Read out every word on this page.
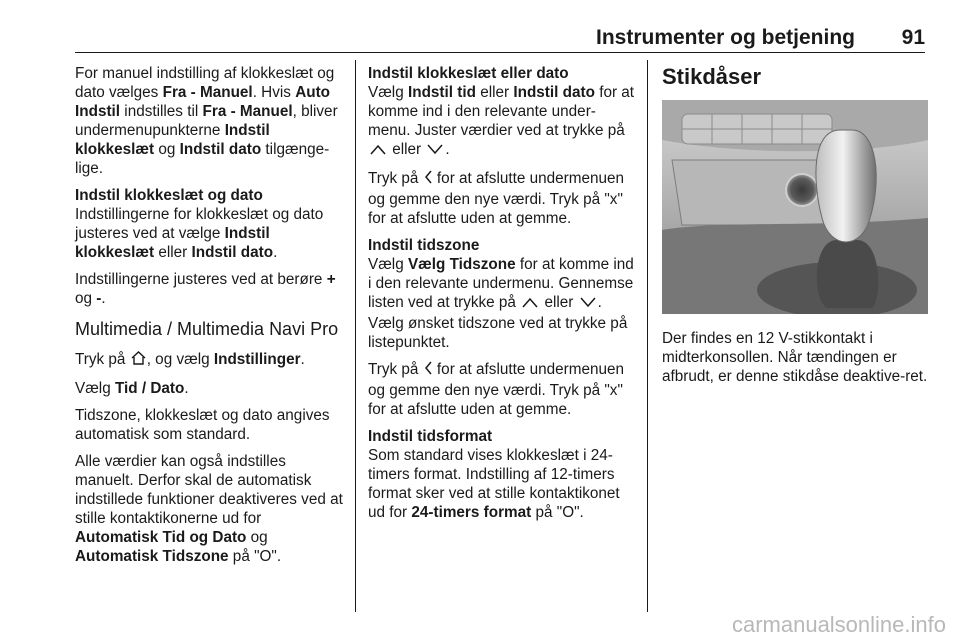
Instrumenter og betjening 91

For manuel indstilling af klokkeslæt og dato vælges Fra - Manuel. Hvis Auto Indstil indstilles til Fra - Manuel, bliver undermenupunkterne Indstil klokkeslæt og Indstil dato tilgænge-lige.

Indstil klokkeslæt og dato

Indstillingerne for klokkeslæt og dato justeres ved at vælge Indstil klokkeslæt eller Indstil dato.

Indstillingerne justeres ved at berøre + og -.

Multimedia / Multimedia Navi Pro

Tryk på , og vælg Indstillinger.

Vælg Tid / Dato.

Tidszone, klokkeslæt og dato angives automatisk som standard.

Alle værdier kan også indstilles manuelt. Derfor skal de automatisk indstillede funktioner deaktiveres ved at stille kontaktikonerne ud for Automatisk Tid og Dato og Automatisk Tidszone på "O".

Indstil klokkeslæt eller dato

Vælg Indstil tid eller Indstil dato for at komme ind i den relevante under-menu. Juster værdier ved at trykke på  eller .

Tryk på  for at afslutte undermenuen og gemme den nye værdi. Tryk på "x" for at afslutte uden at gemme.

Indstil tidszone

Vælg Vælg Tidszone for at komme ind i den relevante undermenu. Gennemse listen ved at trykke på  eller . Vælg ønsket tidszone ved at trykke på listepunktet.

Tryk på  for at afslutte undermenuen og gemme den nye værdi. Tryk på "x" for at afslutte uden at gemme.

Indstil tidsformat

Som standard vises klokkeslæt i 24-timers format. Indstilling af 12-timers format sker ved at stille kontaktikonet ud for 24-timers format på "O".

Stikdåser

Der findes en 12 V-stikkontakt i midterkonsollen. Når tændingen er afbrudt, er denne stikdåse deaktive-ret.

carmanualsonline.info
